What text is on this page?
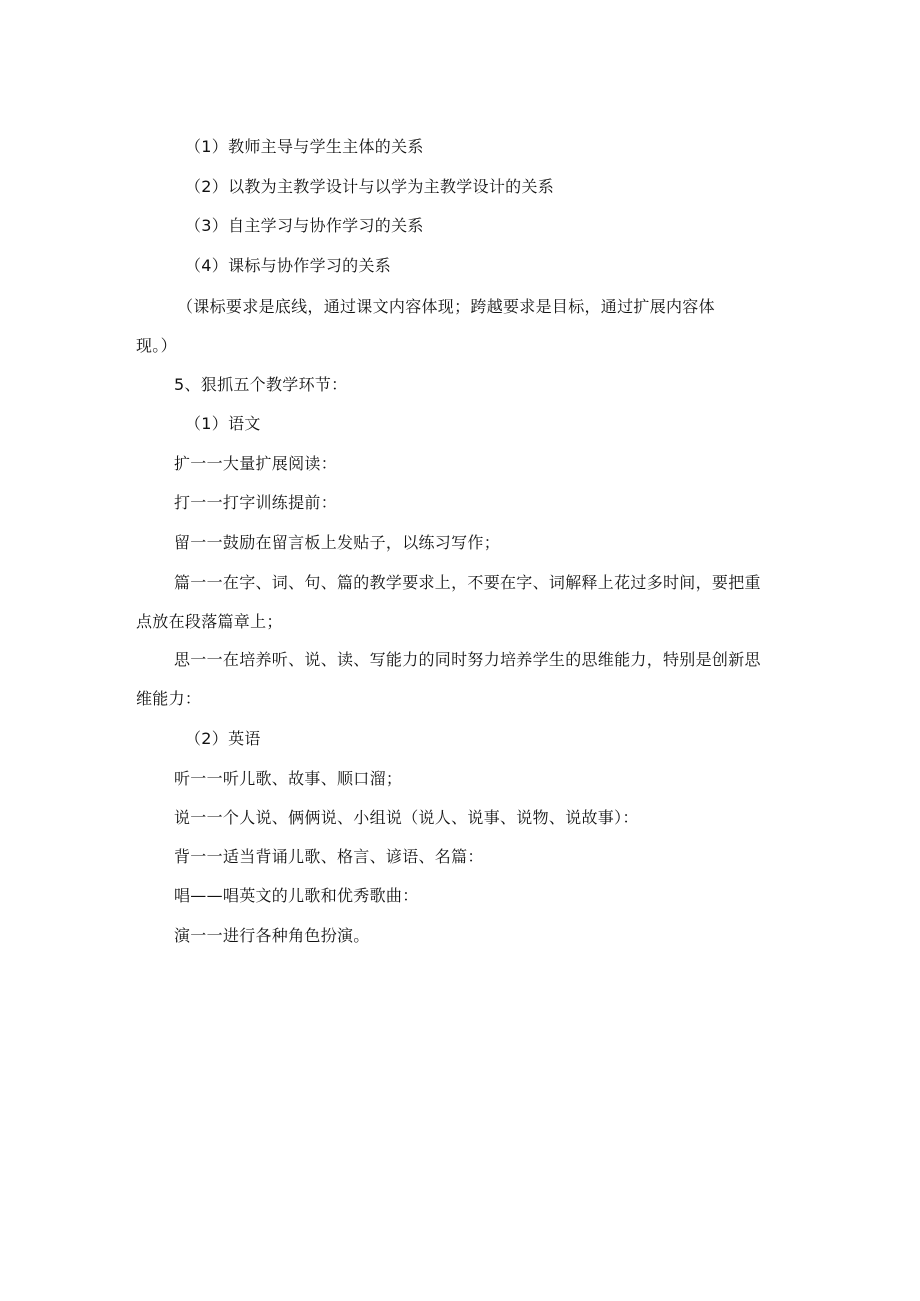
（1）教师主导与学生主体的关系
（2）以教为主教学设计与以学为主教学设计的关系
（3）自主学习与协作学习的关系
（4）课标与协作学习的关系
（课标要求是底线，通过课文内容体现；跨越要求是目标，通过扩展内容体
现。）
5、狠抓五个教学环节：
（1）语文
扩一一大量扩展阅读：
打一一打字训练提前：
留一一鼓励在留言板上发贴子，以练习写作；
篇一一在字、词、句、篇的教学要求上，不要在字、词解释上花过多时间，要把重
点放在段落篇章上；
思一一在培养听、说、读、写能力的同时努力培养学生的思维能力，特别是创新思
维能力：
（2）英语
听一一听儿歌、故事、顺口溜；
说一一个人说、俩俩说、小组说（说人、说事、说物、说故事）：
背一一适当背诵儿歌、格言、谚语、名篇：
唱——唱英文的儿歌和优秀歌曲：
演一一进行各种角色扮演。
